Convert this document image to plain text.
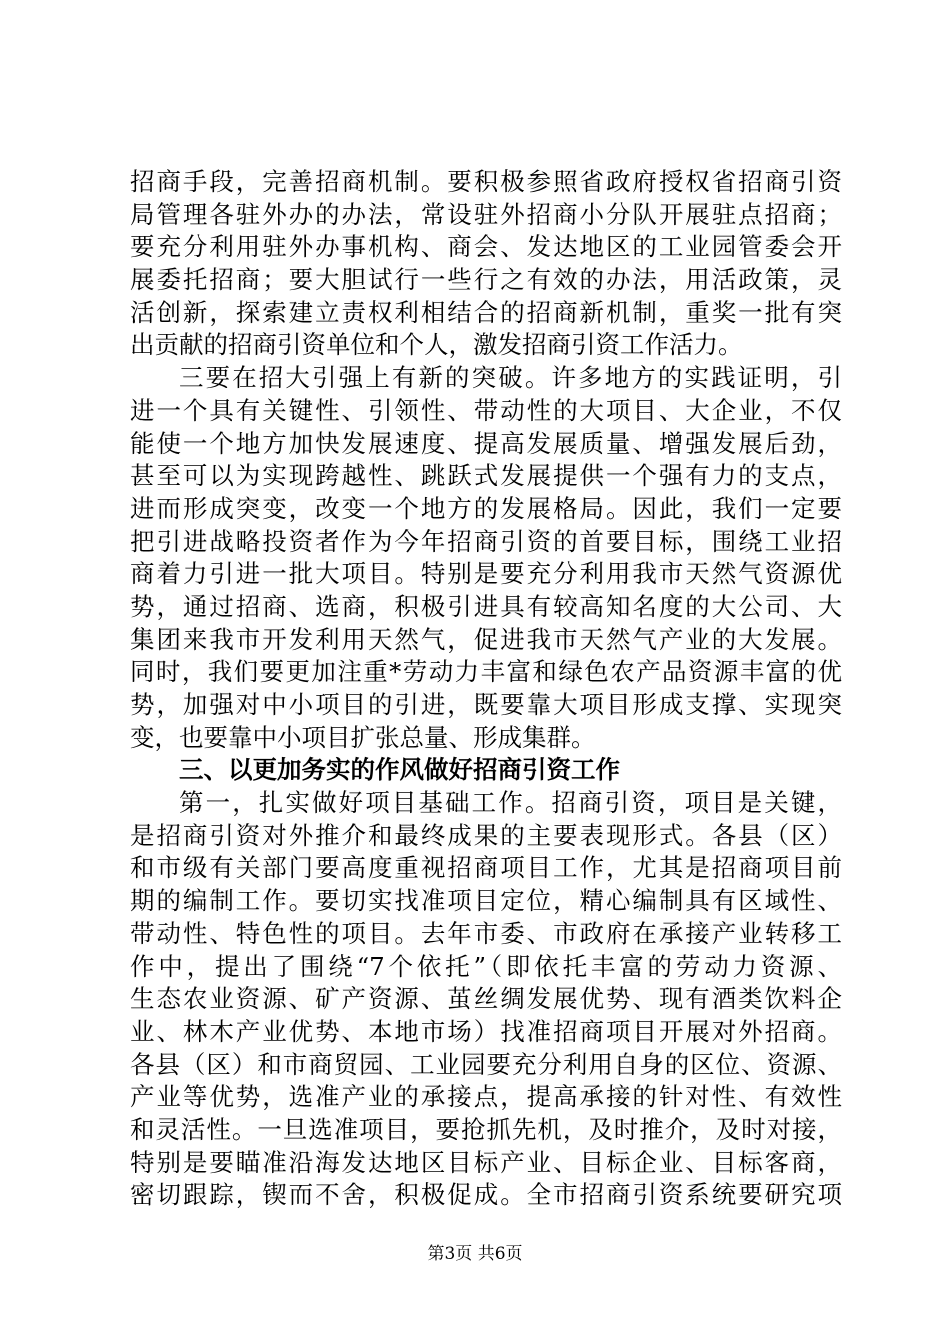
招商手段，完善招商机制。要积极参照省政府授权省招商引资
局管理各驻外办的办法，常设驻外招商小分队开展驻点招商；
要充分利用驻外办事机构、商会、发达地区的工业园管委会开
展委托招商；要大胆试行一些行之有效的办法，用活政策，灵
活创新，探索建立责权利相结合的招商新机制，重奖一批有突
出贡献的招商引资单位和个人，激发招商引资工作活力。
三要在招大引强上有新的突破。许多地方的实践证明，引
进一个具有关键性、引领性、带动性的大项目、大企业，不仅
能使一个地方加快发展速度、提高发展质量、增强发展后劲，
甚至可以为实现跨越性、跳跃式发展提供一个强有力的支点，
进而形成突变，改变一个地方的发展格局。因此，我们一定要
把引进战略投资者作为今年招商引资的首要目标，围绕工业招
商着力引进一批大项目。特别是要充分利用我市天然气资源优
势，通过招商、选商，积极引进具有较高知名度的大公司、大
集团来我市开发利用天然气，促进我市天然气产业的大发展。
同时，我们要更加注重*劳动力丰富和绿色农产品资源丰富的优
势，加强对中小项目的引进，既要靠大项目形成支撑、实现突
变，也要靠中小项目扩张总量、形成集群。
三、以更加务实的作风做好招商引资工作
第一，扎实做好项目基础工作。招商引资，项目是关键，
是招商引资对外推介和最终成果的主要表现形式。各县（区）
和市级有关部门要高度重视招商项目工作，尤其是招商项目前
期的编制工作。要切实找准项目定位，精心编制具有区域性、
带动性、特色性的项目。去年市委、市政府在承接产业转移工
作中，提出了围绕“7个依托”（即依托丰富的劳动力资源、
生态农业资源、矿产资源、茧丝绸发展优势、现有酒类饮料企
业、林木产业优势、本地市场）找准招商项目开展对外招商。
各县（区）和市商贸园、工业园要充分利用自身的区位、资源、
产业等优势，选准产业的承接点，提高承接的针对性、有效性
和灵活性。一旦选准项目，要抢抓先机，及时推介，及时对接，
特别是要瞄准沿海发达地区目标产业、目标企业、目标客商，
密切跟踪，锲而不舍，积极促成。全市招商引资系统要研究项
第3页 共6页
